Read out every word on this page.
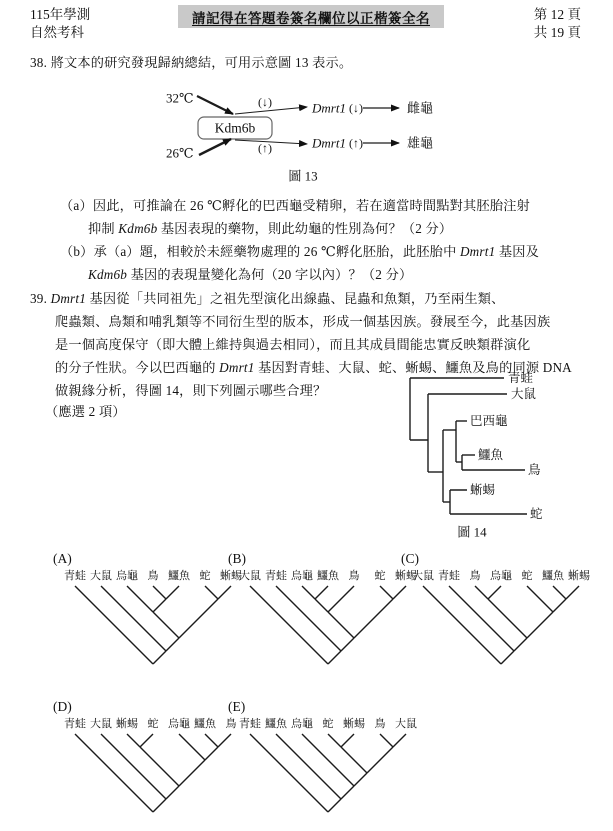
115年學測
自然考科
請記得在答題卷簽名欄位以正楷簽全名	第 12 頁
共 19 頁
38. 將文本的研究發現歸納總結，可用示意圖 13 表示。
Kdm6b
32℃
26℃
(↓)
(↑)
Dmrt1 (↓)	雌龜
Dmrt1 (↑)	雄龜
圖 13
（a）因此，可推論在 26 ℃孵化的巴西龜受精卵，若在適當時間點對其胚胎注射
抑制 Kdm6b 基因表現的藥物，則此幼龜的性別為何？（2 分）
（b）承（a）題，相較於未經藥物處理的 26 ℃孵化胚胎，此胚胎中 Dmrt1 基因及
Kdm6b 基因的表現量變化為何（20 字以內）？（2 分）
39. Dmrt1 基因從「共同祖先」之祖先型演化出線蟲、昆蟲和魚類，乃至兩生類、
爬蟲類、鳥類和哺乳類等不同衍生型的版本，形成一個基因族。發展至今，此基因族
是一個高度保守（即大體上維持與過去相同），而且其成員間能忠實反映類群演化
的分子性狀。今以巴西龜的 Dmrt1 基因對青蛙、大鼠、蛇、蜥蜴、鱷魚及鳥的同源 DNA
做親緣分析，得圖 14，則下列圖示哪些合理？
（應選 2 項）
青蛙
大鼠
巴西龜
鱷魚
鳥
蜥蜴
蛇
圖 14
(A)
青蛙 大鼠 烏龜 鳥 鱷魚 蛇 蜥蜴
(B)
大鼠 青蛙 烏龜 鱷魚 鳥 蛇 蜥蜴
(C)
大鼠 青蛙 鳥 烏龜 蛇 鱷魚 蜥蜴
(D)
青蛙 大鼠 蜥蜴 蛇 烏龜 鱷魚 鳥
(E)
青蛙 鱷魚 烏龜 蛇 蜥蜴 鳥 大鼠
